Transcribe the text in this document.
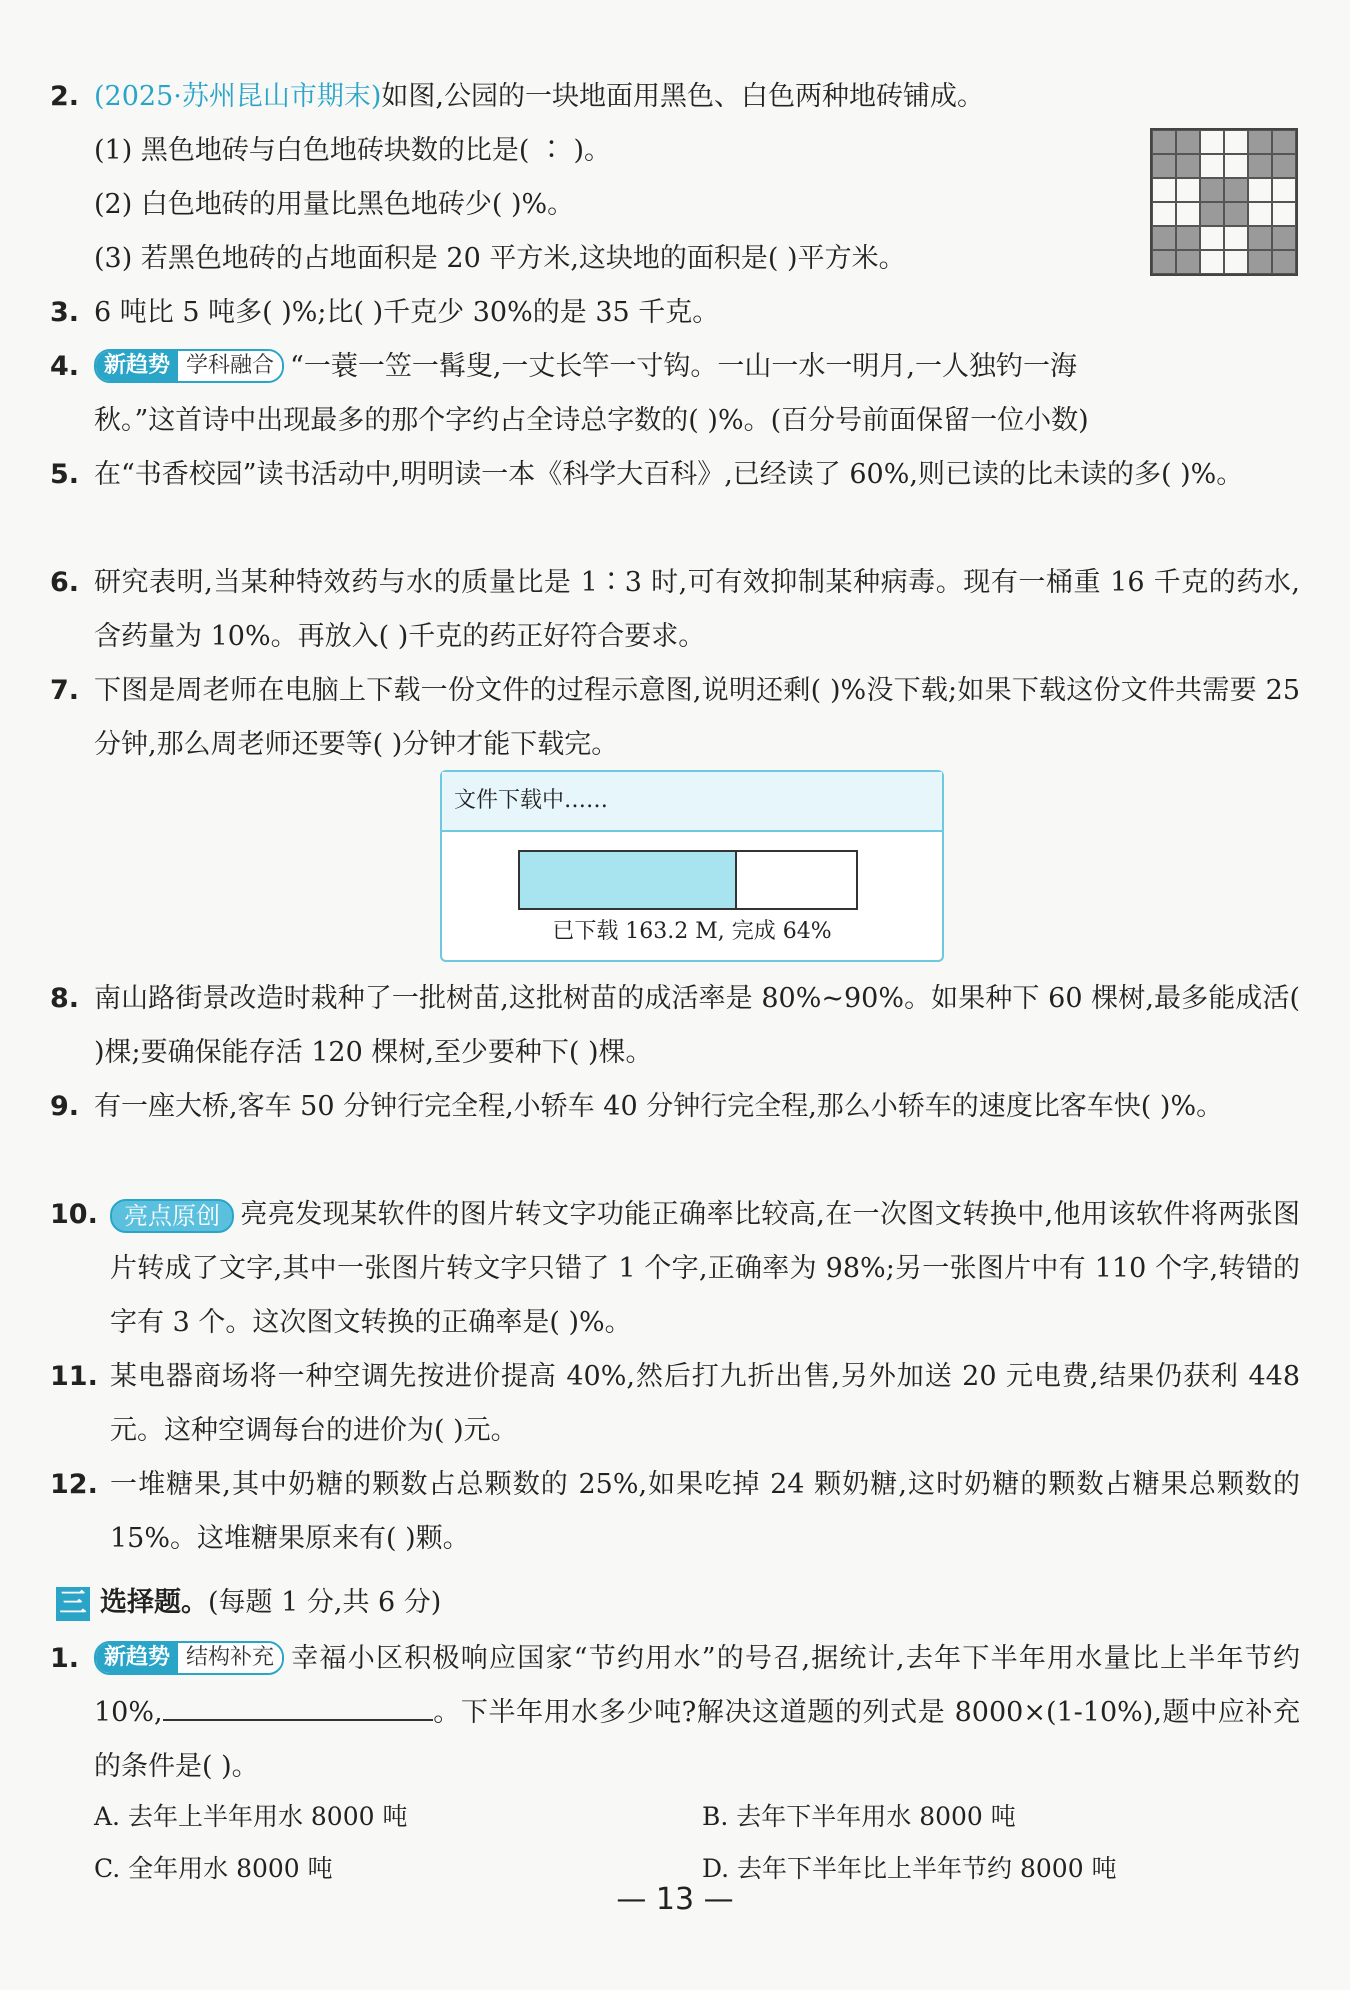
2. (2025·苏州昆山市期末)如图,公园的一块地面用黑色、白色两种地砖铺成。
(1) 黑色地砖与白色地砖块数的比是( ∶ )。
(2) 白色地砖的用量比黑色地砖少( )%。
(3) 若黑色地砖的占地面积是 20 平方米,这块地的面积是( )平方米。
3. 6 吨比 5 吨多( )%;比( )千克少 30%的是 35 千克。
4.	新趋势 学科融合 “一蓑一笠一髯叟,一丈长竿一寸钩。一山一水一明月,一人独钓一海
秋。”这首诗中出现最多的那个字约占全诗总字数的( )%。(百分号前面保留一位小数)
5. 在“书香校园”读书活动中,明明读一本《科学大百科》,已经读了 60%,则已读的比未读的多( )%。
6. 研究表明,当某种特效药与水的质量比是 1∶3 时,可有效抑制某种病毒。现有一桶重 16 千克的药水,含药量为 10%。再放入( )千克的药正好符合要求。
7. 下图是周老师在电脑上下载一份文件的过程示意图,说明还剩( )%没下载;如果下载这份文件共需要 25 分钟,那么周老师还要等( )分钟才能下载完。
文件下载中……
已下载 163.2 M, 完成 64%
8. 南山路街景改造时栽种了一批树苗,这批树苗的成活率是 80%~90%。如果种下 60 棵树,最多能成活( )棵;要确保能存活 120 棵树,至少要种下( )棵。
9. 有一座大桥,客车 50 分钟行完全程,小轿车 40 分钟行完全程,那么小轿车的速度比客车快( )%。
10.	亮点原创 亮亮发现某软件的图片转文字功能正确率比较高,在一次图文转换中,他用该软件将两张图片转成了文字,其中一张图片转文字只错了 1 个字,正确率为 98%;另一张图片中有 110 个字,转错的字有 3 个。这次图文转换的正确率是( )%。
11. 某电器商场将一种空调先按进价提高 40%,然后打九折出售,另外加送 20 元电费,结果仍获利 448 元。这种空调每台的进价为( )元。
12. 一堆糖果,其中奶糖的颗数占总颗数的 25%,如果吃掉 24 颗奶糖,这时奶糖的颗数占糖果总颗数的 15%。这堆糖果原来有( )颗。
三 选择题。(每题 1 分,共 6 分)
1.	新趋势 结构补充 幸福小区积极响应国家“节约用水”的号召,据统计,去年下半年用水量比上半年节约 10%,	。下半年用水多少吨?解决这道题的列式是 8000×(1-10%),题中应补充的条件是( )。
A. 去年上半年用水 8000 吨	B. 去年下半年用水 8000 吨
C. 全年用水 8000 吨	D. 去年下半年比上半年节约 8000 吨
— 13 —
